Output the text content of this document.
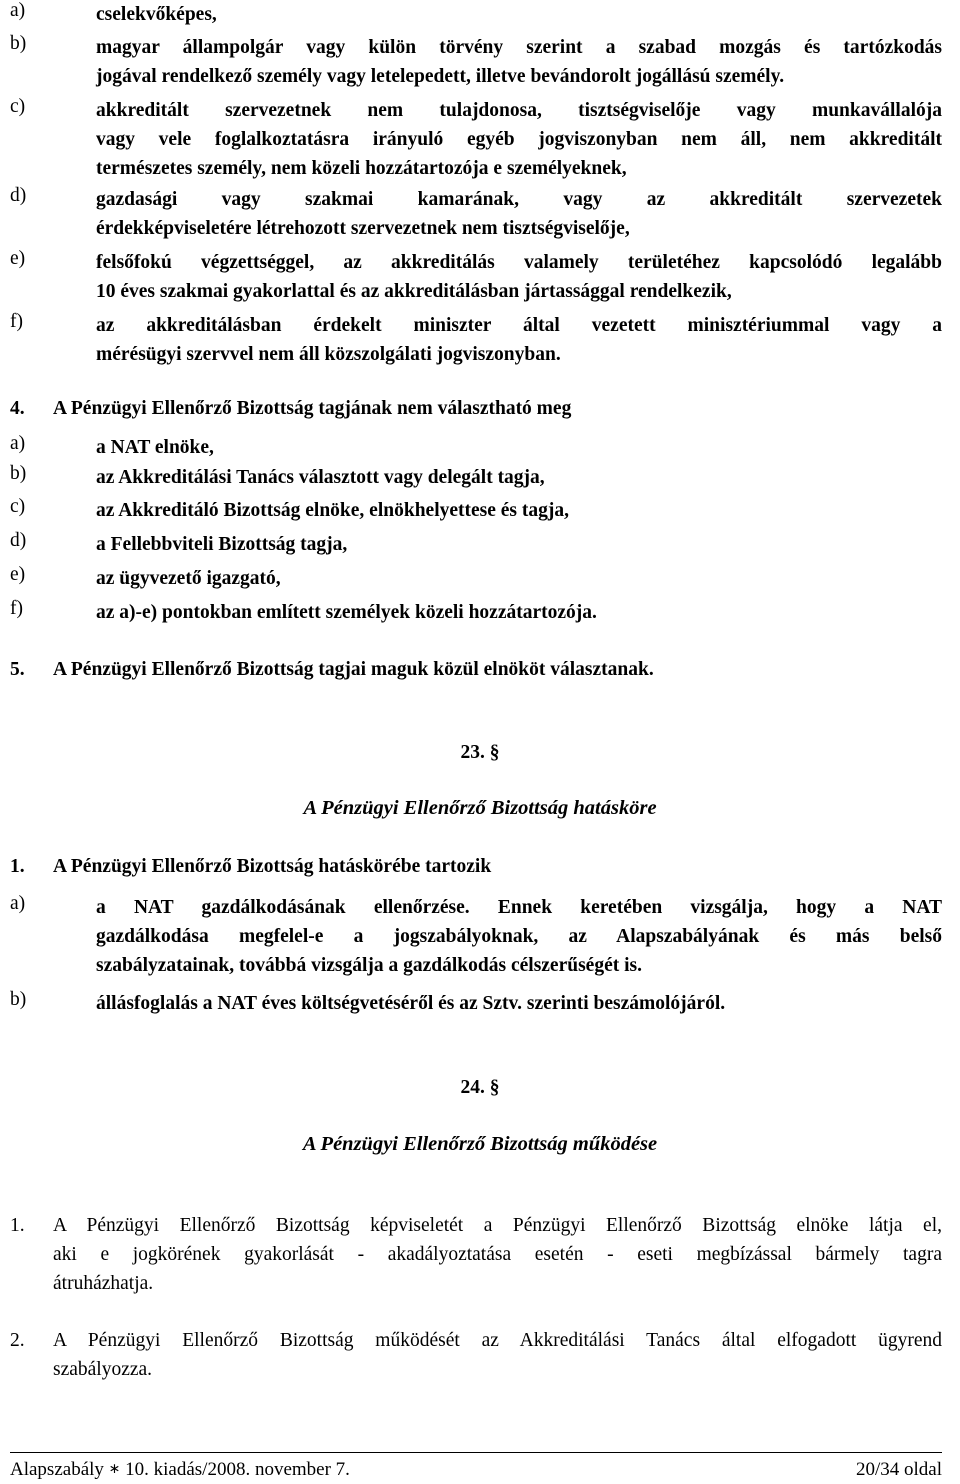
a)	cselekvőképes,
b)	magyar állampolgár vagy külön törvény szerint a szabad mozgás és tartózkodás
jogával rendelkező személy vagy letelepedett, illetve bevándorolt jogállású személy.
c)	akkreditált szervezetnek nem tulajdonosa, tisztségviselője vagy munkavállalója
vagy vele foglalkoztatásra irányuló egyéb jogviszonyban nem áll, nem akkreditált
természetes személy, nem közeli hozzátartozója e személyeknek,
d)	gazdasági vagy szakmai kamarának, vagy az akkreditált szervezetek
érdekképviseletére létrehozott szervezetnek nem tisztségviselője,
e)	felsőfokú végzettséggel, az akkreditálás valamely területéhez kapcsolódó legalább
10 éves szakmai gyakorlattal és az akkreditálásban jártassággal rendelkezik,
f)	az akkreditálásban érdekelt miniszter által vezetett minisztériummal vagy a
mérésügyi szervvel nem áll közszolgálati jogviszonyban.
4. A Pénzügyi Ellenőrző Bizottság tagjának nem választható meg
a)	a NAT elnöke,
b)	az Akkreditálási Tanács választott vagy delegált tagja,
c)	az Akkreditáló Bizottság elnöke, elnökhelyettese és tagja,
d)	a Fellebbviteli Bizottság tagja,
e)	az ügyvezető igazgató,
f)	az a)-e) pontokban említett személyek közeli hozzátartozója.
5. A Pénzügyi Ellenőrző Bizottság tagjai maguk közül elnököt választanak.
23. §
A Pénzügyi Ellenőrző Bizottság hatásköre
1. A Pénzügyi Ellenőrző Bizottság hatáskörébe tartozik
a)	a NAT gazdálkodásának ellenőrzése. Ennek keretében vizsgálja, hogy a NAT
gazdálkodása megfelel-e a jogszabályoknak, az Alapszabályának és más belső
szabályzatainak, továbbá vizsgálja a gazdálkodás célszerűségét is.
b)	állásfoglalás a NAT éves költségvetéséről és az Sztv. szerinti beszámolójáról.
24. §
A Pénzügyi Ellenőrző Bizottság működése
1. A Pénzügyi Ellenőrző Bizottság képviseletét a Pénzügyi Ellenőrző Bizottság elnöke látja el,
aki e jogkörének gyakorlását - akadályoztatása esetén - eseti megbízással bármely tagra
átruházhatja.
2. A Pénzügyi Ellenőrző Bizottság működését az Akkreditálási Tanács által elfogadott ügyrend
szabályozza.
Alapszabály ∗ 10. kiadás/2008. november 7.	20/34 oldal
